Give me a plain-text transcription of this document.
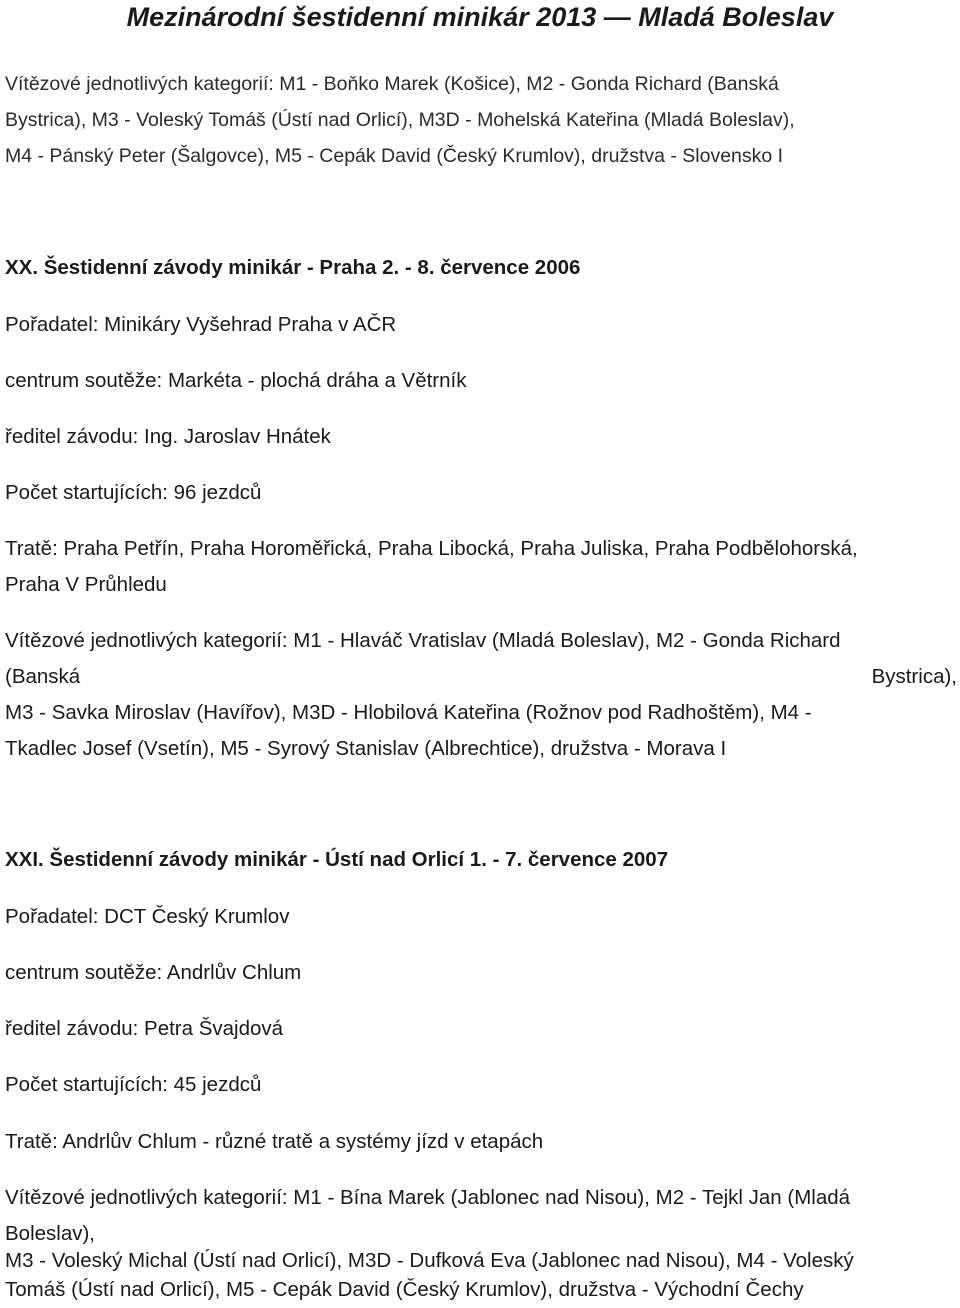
Mezinárodní šestidenní minikár 2013 — Mladá Boleslav

Vítězové jednotlivých kategorií: M1 - Boňko Marek (Košice), M2 - Gonda Richard (Banská

Bystrica), M3 - Voleský Tomáš (Ústí nad Orlicí), M3D - Mohelská Kateřina (Mladá Boleslav),

M4 - Pánský Peter (Šalgovce), M5 - Cepák David (Český Krumlov), družstva - Slovensko I

XX. Šestidenní závody minikár - Praha 2. - 8. července 2006

Pořadatel: Minikáry Vyšehrad Praha v AČR

centrum soutěže: Markéta - plochá dráha a Větrník

ředitel závodu: Ing. Jaroslav Hnátek

Počet startujících: 96 jezdců

Tratě: Praha Petřín, Praha Horoměřická, Praha Libocká, Praha Juliska, Praha Podbělohorská,

Praha V Průhledu

Vítězové jednotlivých kategorií: M1 - Hlaváč Vratislav (Mladá Boleslav), M2 - Gonda Richard

(Banská	Bystrica),

M3 - Savka Miroslav (Havířov), M3D - Hlobilová Kateřina (Rožnov pod Radhoštěm), M4 -

Tkadlec Josef (Vsetín), M5 - Syrový Stanislav (Albrechtice), družstva - Morava I

XXI. Šestidenní závody minikár - Ústí nad Orlicí 1. - 7. července 2007

Pořadatel: DCT Český Krumlov

centrum soutěže: Andrlův Chlum

ředitel závodu: Petra Švajdová

Počet startujících: 45 jezdců

Tratě: Andrlův Chlum - různé tratě a systémy jízd v etapách

Vítězové jednotlivých kategorií: M1 - Bína Marek (Jablonec nad Nisou), M2 - Tejkl Jan (Mladá

Boleslav),

M3 - Voleský Michal (Ústí nad Orlicí), M3D - Dufková Eva (Jablonec nad Nisou), M4 - Voleský

Tomáš (Ústí nad Orlicí), M5 - Cepák David (Český Krumlov), družstva - Východní Čechy
